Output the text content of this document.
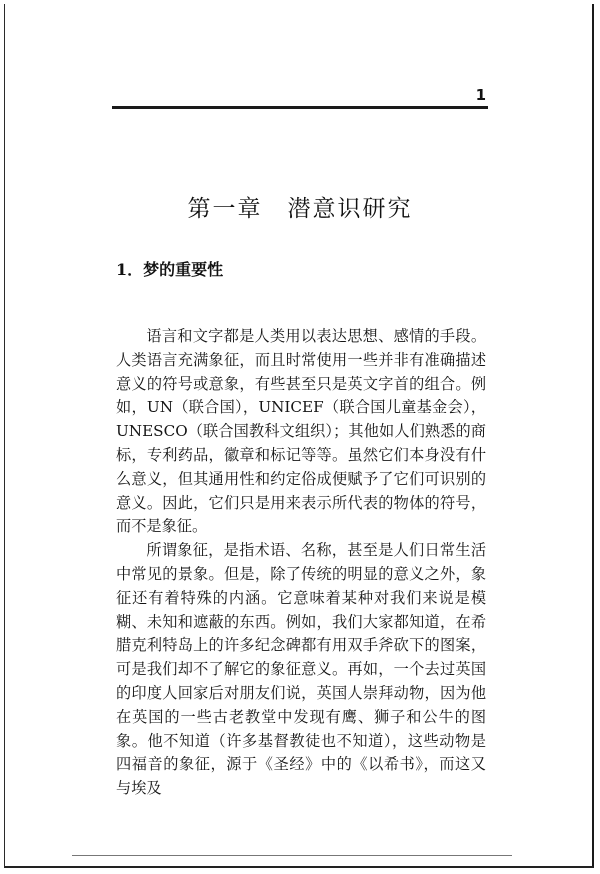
1
第一章　潜意识研究
1．梦的重要性

语言和文字都是人类用以表达思想、感情的手段。人类语言充满象征，而且时常使用一些并非有准确描述意义的符号或意象，有些甚至只是英文字首的组合。例如，UN（联合国），UNICEF（联合国儿童基金会），UNESCO（联合国教科文组织）；其他如人们熟悉的商标，专利药品，徽章和标记等等。虽然它们本身没有什么意义，但其通用性和约定俗成便赋予了它们可识别的意义。因此，它们只是用来表示所代表的物体的符号，而不是象征。

所谓象征，是指术语、名称，甚至是人们日常生活中常见的景象。但是，除了传统的明显的意义之外，象征还有着特殊的内涵。它意味着某种对我们来说是模糊、未知和遮蔽的东西。例如，我们大家都知道，在希腊克利特岛上的许多纪念碑都有用双手斧砍下的图案，可是我们却不了解它的象征意义。再如，一个去过英国的印度人回家后对朋友们说，英国人崇拜动物，因为他在英国的一些古老教堂中发现有鹰、狮子和公牛的图象。他不知道（许多基督教徒也不知道），这些动物是四福音的象征，源于《圣经》中的《以希书》，而这又与埃及
